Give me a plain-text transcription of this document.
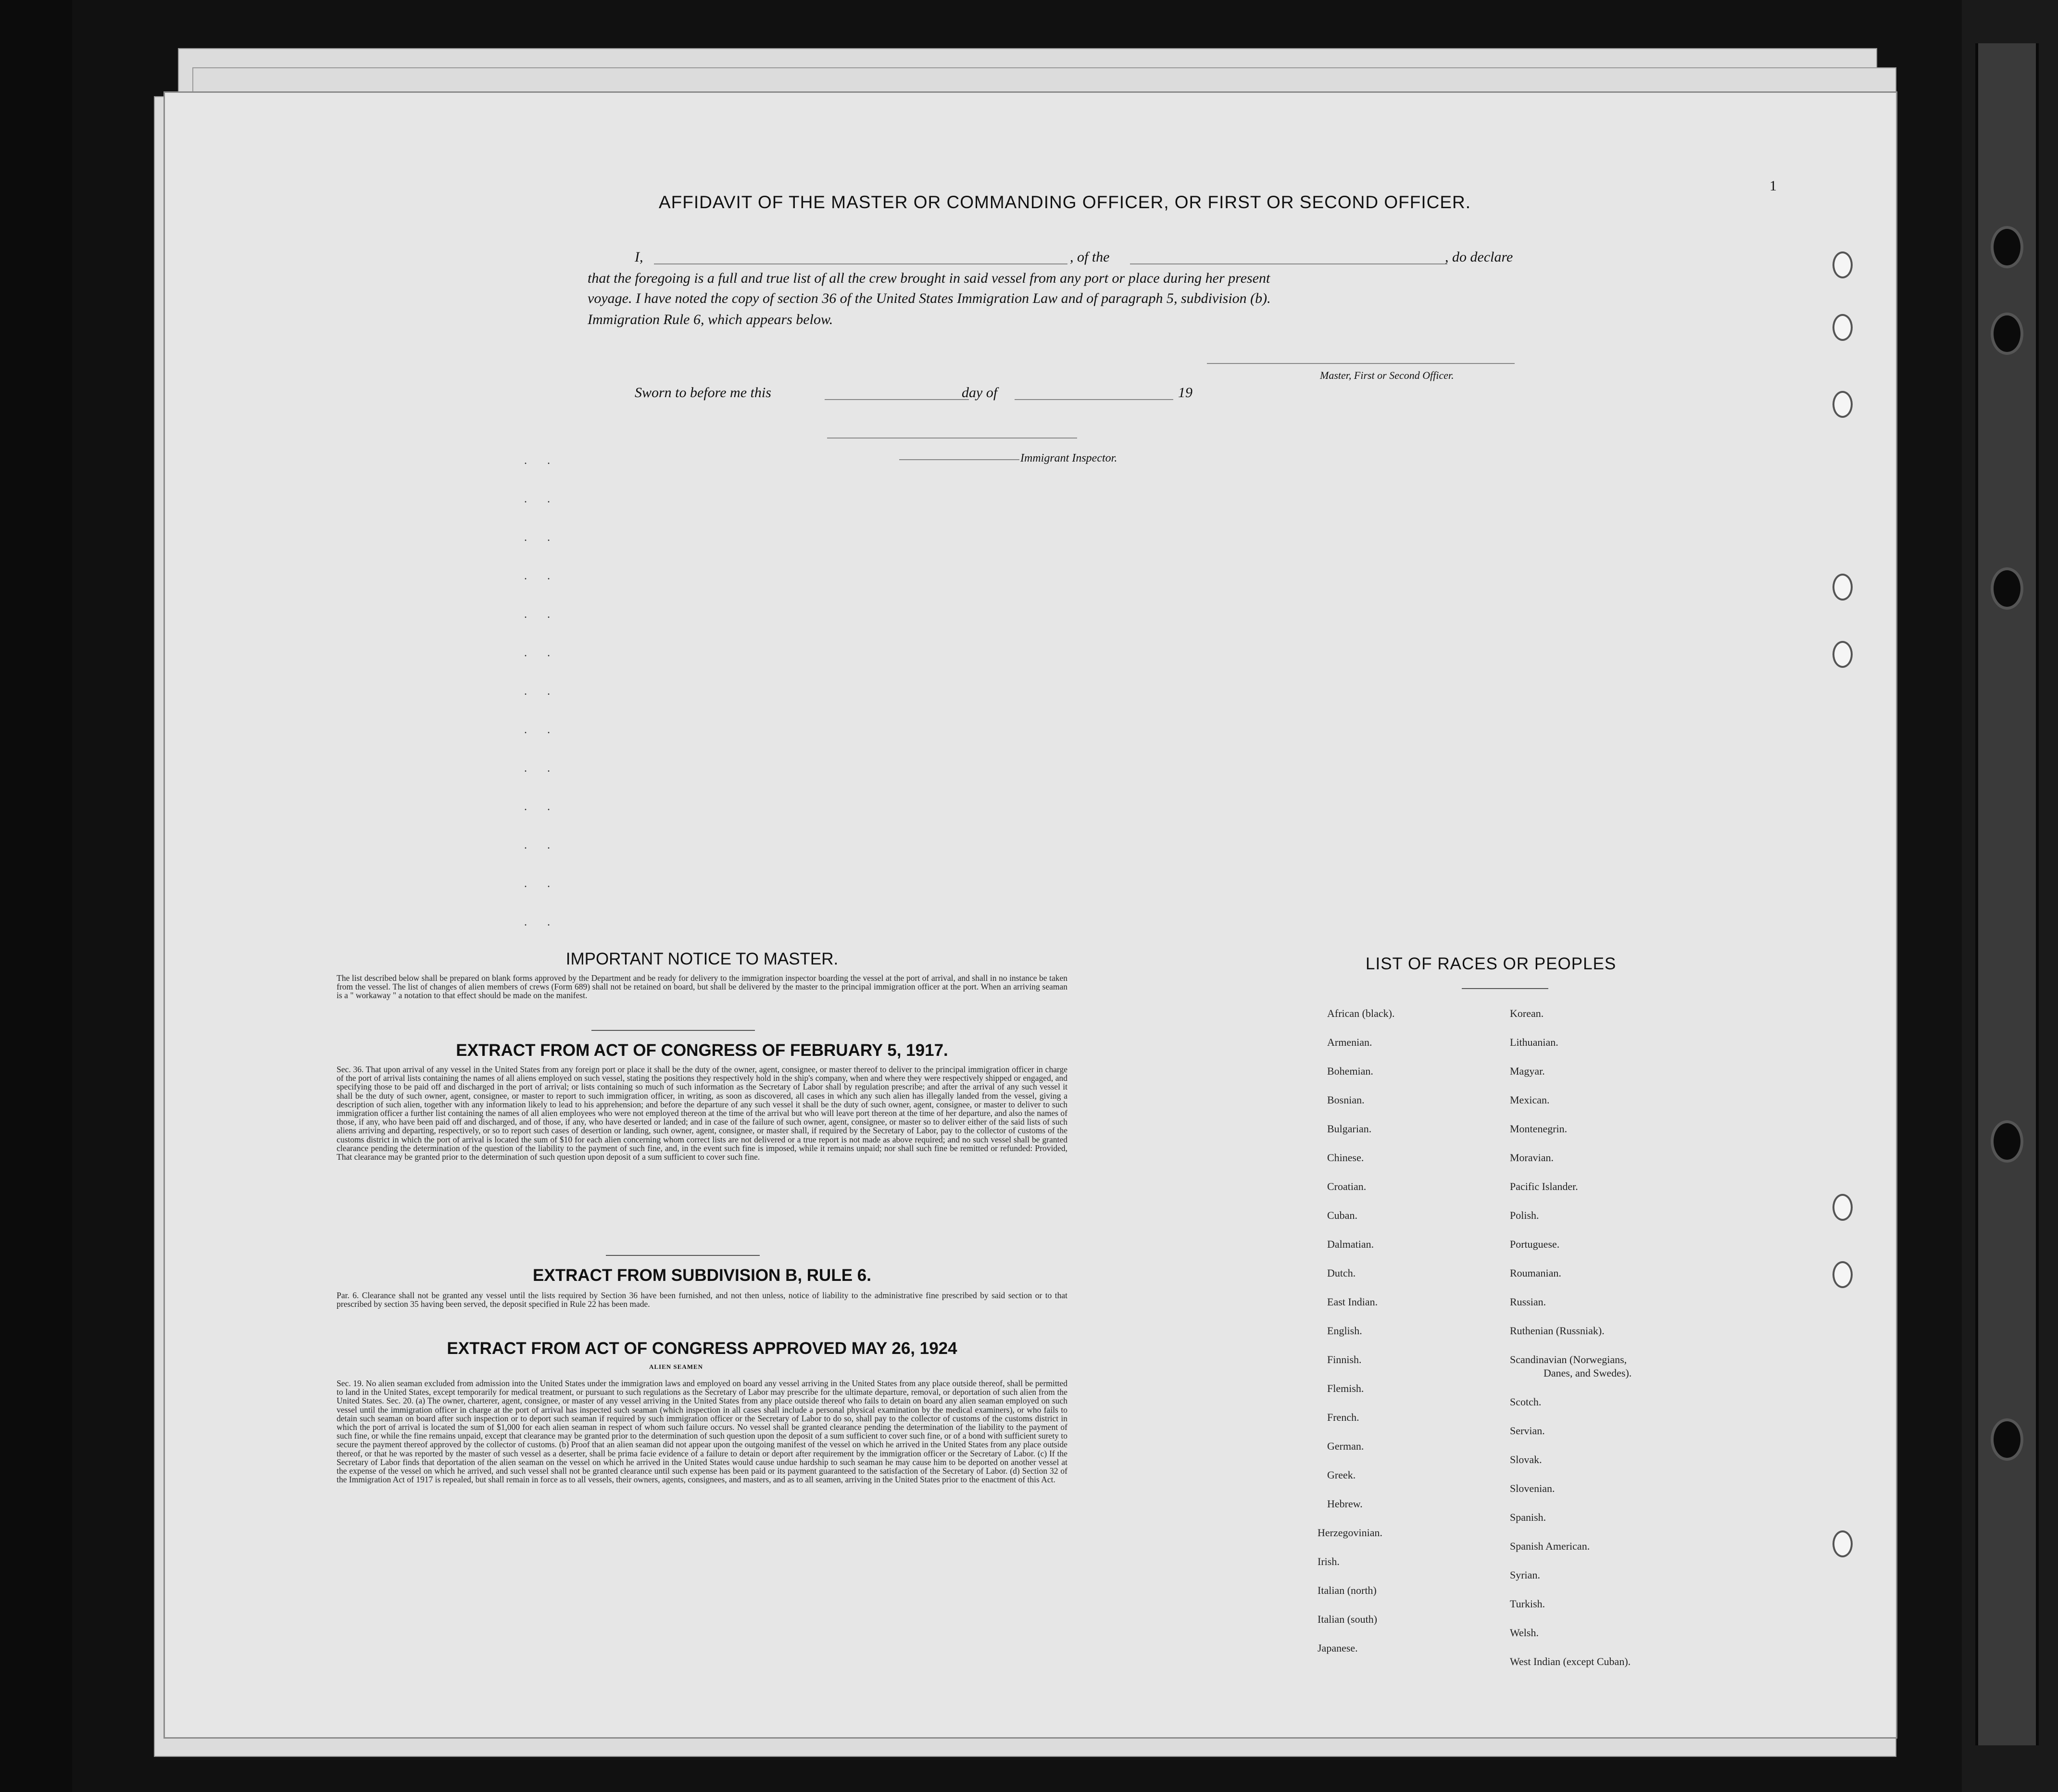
1
AFFIDAVIT OF THE MASTER OR COMMANDING OFFICER, OR FIRST OR SECOND OFFICER.
I,	, of the	, do declare
that the foregoing is a full and true list of all the crew brought in said vessel from any port or place during her present
voyage. I have noted the copy of section 36 of the United States Immigration Law and of paragraph 5, subdivision (b).
Immigration Rule 6, which appears below.
Master, First or Second Officer.
Sworn to before me this	day of	19
Immigrant Inspector.
. .
. .
. .
. .
. .
. .
. .
. .
. .
. .
. .
. .
. .
IMPORTANT NOTICE TO MASTER.
The list described below shall be prepared on blank forms approved by the Department and be ready for delivery to the immigration inspector boarding the vessel at the port of arrival, and shall in no instance be taken from the vessel. The list of changes of alien members of crews (Form 689) shall not be retained on board, but shall be delivered by the master to the principal immigration officer at the port. When an arriving seaman is a " workaway " a notation to that effect should be made on the manifest.
EXTRACT FROM ACT OF CONGRESS OF FEBRUARY 5, 1917.
Sec. 36. That upon arrival of any vessel in the United States from any foreign port or place it shall be the duty of the owner, agent, consignee, or master thereof to deliver to the principal immigration officer in charge of the port of arrival lists containing the names of all aliens employed on such vessel, stating the positions they respectively hold in the ship's company, when and where they were respectively shipped or engaged, and specifying those to be paid off and discharged in the port of arrival; or lists containing so much of such information as the Secretary of Labor shall by regulation prescribe; and after the arrival of any such vessel it shall be the duty of such owner, agent, consignee, or master to report to such immigration officer, in writing, as soon as discovered, all cases in which any such alien has illegally landed from the vessel, giving a description of such alien, together with any information likely to lead to his apprehension; and before the departure of any such vessel it shall be the duty of such owner, agent, consignee, or master to deliver to such immigration officer a further list containing the names of all alien employees who were not employed thereon at the time of the arrival but who will leave port thereon at the time of her departure, and also the names of those, if any, who have been paid off and discharged, and of those, if any, who have deserted or landed; and in case of the failure of such owner, agent, consignee, or master so to deliver either of the said lists of such aliens arriving and departing, respectively, or so to report such cases of desertion or landing, such owner, agent, consignee, or master shall, if required by the Secretary of Labor, pay to the collector of customs of the customs district in which the port of arrival is located the sum of $10 for each alien concerning whom correct lists are not delivered or a true report is not made as above required; and no such vessel shall be granted clearance pending the determination of the question of the liability to the payment of such fine, and, in the event such fine is imposed, while it remains unpaid; nor shall such fine be remitted or refunded: Provided, That clearance may be granted prior to the determination of such question upon deposit of a sum sufficient to cover such fine.
EXTRACT FROM SUBDIVISION B, RULE 6.
Par. 6. Clearance shall not be granted any vessel until the lists required by Section 36 have been furnished, and not then unless, notice of liability to the administrative fine prescribed by said section or to that prescribed by section 35 having been served, the deposit specified in Rule 22 has been made.
EXTRACT FROM ACT OF CONGRESS APPROVED MAY 26, 1924
ALIEN SEAMEN
Sec. 19. No alien seaman excluded from admission into the United States under the immigration laws and employed on board any vessel arriving in the United States from any place outside thereof, shall be permitted to land in the United States, except temporarily for medical treatment, or pursuant to such regulations as the Secretary of Labor may prescribe for the ultimate departure, removal, or deportation of such alien from the United States. Sec. 20. (a) The owner, charterer, agent, consignee, or master of any vessel arriving in the United States from any place outside thereof who fails to detain on board any alien seaman employed on such vessel until the immigration officer in charge at the port of arrival has inspected such seaman (which inspection in all cases shall include a personal physical examination by the medical examiners), or who fails to detain such seaman on board after such inspection or to deport such seaman if required by such immigration officer or the Secretary of Labor to do so, shall pay to the collector of customs of the customs district in which the port of arrival is located the sum of $1,000 for each alien seaman in respect of whom such failure occurs. No vessel shall be granted clearance pending the determination of the liability to the payment of such fine, or while the fine remains unpaid, except that clearance may be granted prior to the determination of such question upon the deposit of a sum sufficient to cover such fine, or of a bond with sufficient surety to secure the payment thereof approved by the collector of customs. (b) Proof that an alien seaman did not appear upon the outgoing manifest of the vessel on which he arrived in the United States from any place outside thereof, or that he was reported by the master of such vessel as a deserter, shall be prima facie evidence of a failure to detain or deport after requirement by the immigration officer or the Secretary of Labor. (c) If the Secretary of Labor finds that deportation of the alien seaman on the vessel on which he arrived in the United States would cause undue hardship to such seaman he may cause him to be deported on another vessel at the expense of the vessel on which he arrived, and such vessel shall not be granted clearance until such expense has been paid or its payment guaranteed to the satisfaction of the Secretary of Labor. (d) Section 32 of the Immigration Act of 1917 is repealed, but shall remain in force as to all vessels, their owners, agents, consignees, and masters, and as to all seamen, arriving in the United States prior to the enactment of this Act.
LIST OF RACES OR PEOPLES
African (black).
Armenian.
Bohemian.
Bosnian.
Bulgarian.
Chinese.
Croatian.
Cuban.
Dalmatian.
Dutch.
East Indian.
English.
Finnish.
Flemish.
French.
German.
Greek.
Hebrew.
Herzegovinian.
Irish.
Italian (north)
Italian (south)
Japanese.
Korean.
Lithuanian.
Magyar.
Mexican.
Montenegrin.
Moravian.
Pacific Islander.
Polish.
Portuguese.
Roumanian.
Russian.
Ruthenian (Russniak).
Scandinavian (Norwegians,
Danes, and Swedes).
Scotch.
Servian.
Slovak.
Slovenian.
Spanish.
Spanish American.
Syrian.
Turkish.
Welsh.
West Indian (except Cuban).
